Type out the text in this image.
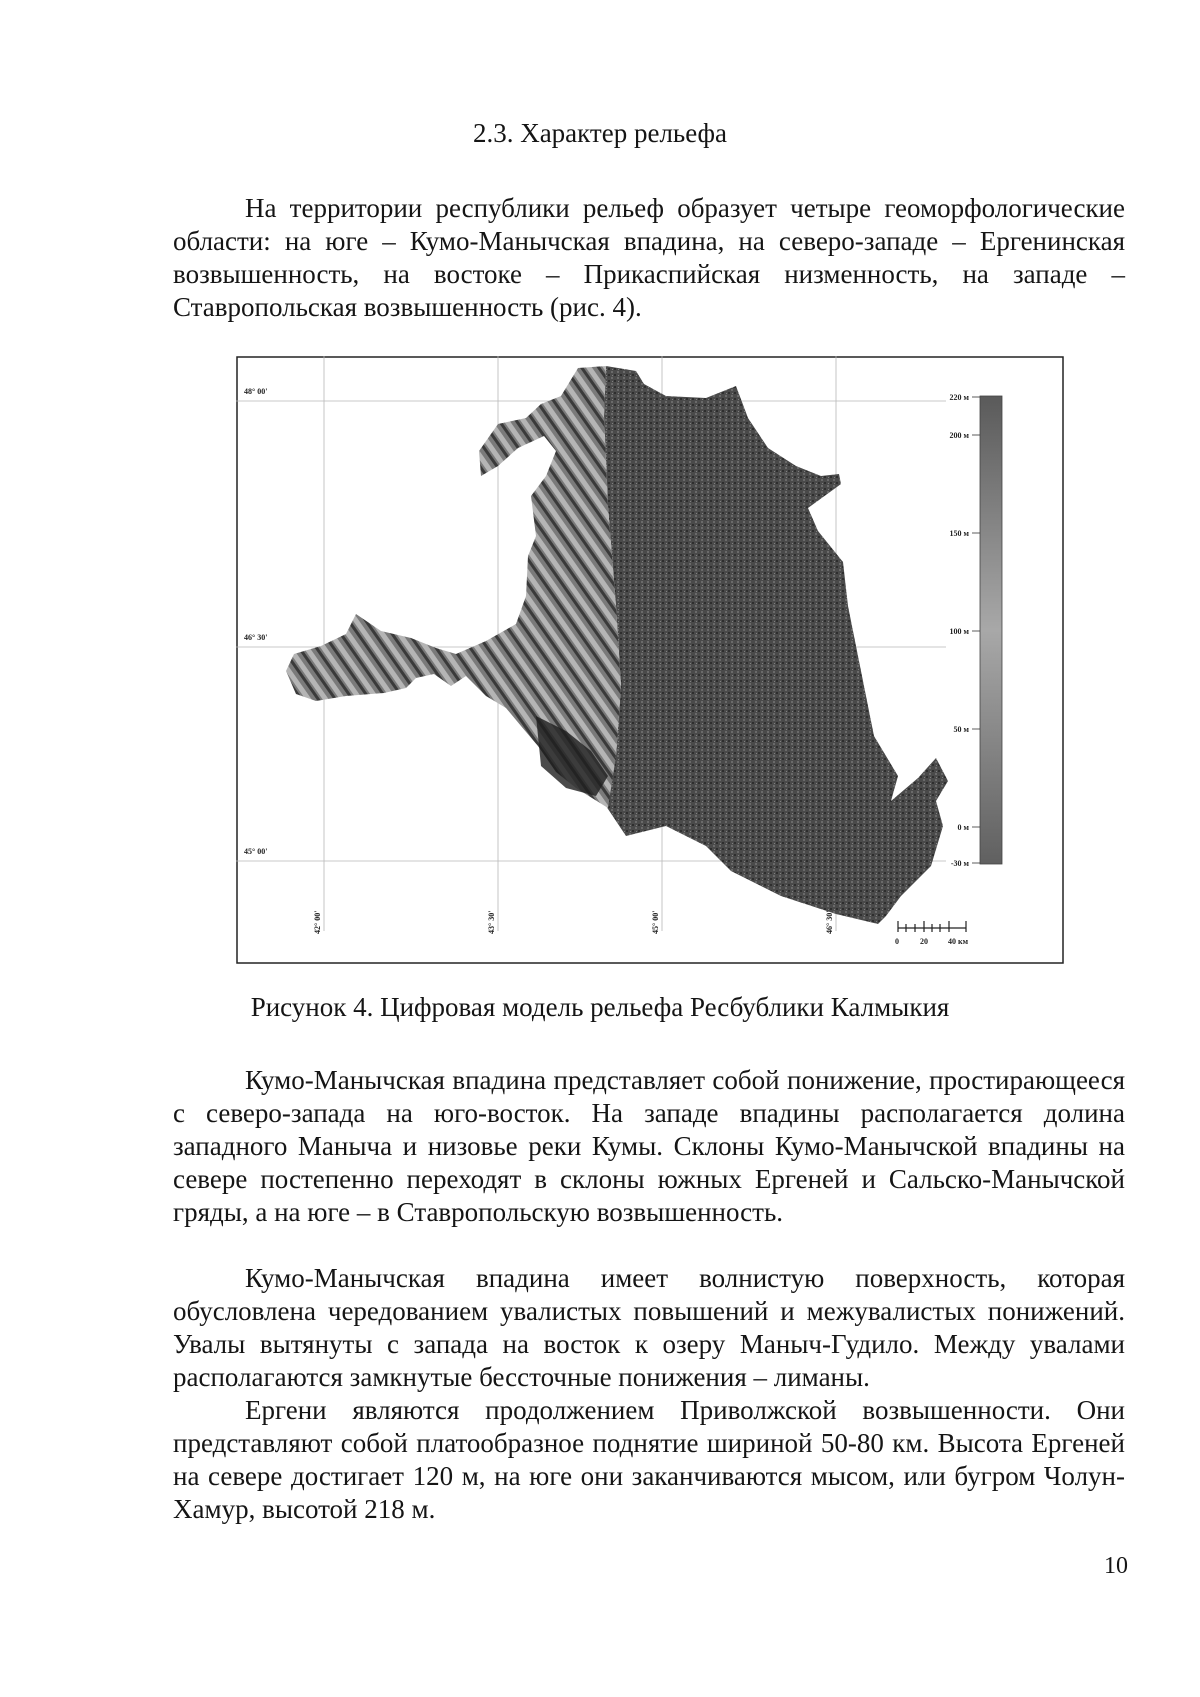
2.3. Характер рельефа

На территории республики рельеф образует четыре геоморфологические области: на юге – Кумо-Манычская впадина, на северо-западе – Ергенинская возвышенность, на востоке – Прикаспийская низменность, на западе – Ставропольская возвышенность (рис. 4).

48° 00'
46° 30'
45° 00'
42° 00'	43° 30'	45° 00'	46° 30'
220 м
200 м
150 м
100 м
50 м
0 м
-30 м
0	20	40 км
Рисунок 4. Цифровая модель рельефа Ресбублики Калмыкия

Кумо-Манычская впадина представляет собой понижение, простирающееся с северо-запада на юго-восток. На западе впадины располагается долина западного Маныча и низовье реки Кумы. Склоны Кумо-Манычской впадины на севере постепенно переходят в склоны южных Ергеней и Сальско-Манычской гряды, а на юге – в Ставропольскую возвышенность.

Кумо-Манычская впадина имеет волнистую поверхность, которая обусловлена чередованием увалистых повышений и межувалистых понижений. Увалы вытянуты с запада на восток к озеру Маныч-Гудило. Между увалами располагаются замкнутые бессточные понижения – лиманы.

Ергени являются продолжением Приволжской возвышенности. Они представляют собой платообразное поднятие шириной 50-80 км. Высота Ергеней на севере достигает 120 м, на юге они заканчиваются мысом, или бугром Чолун-Хамур, высотой 218 м.

10
